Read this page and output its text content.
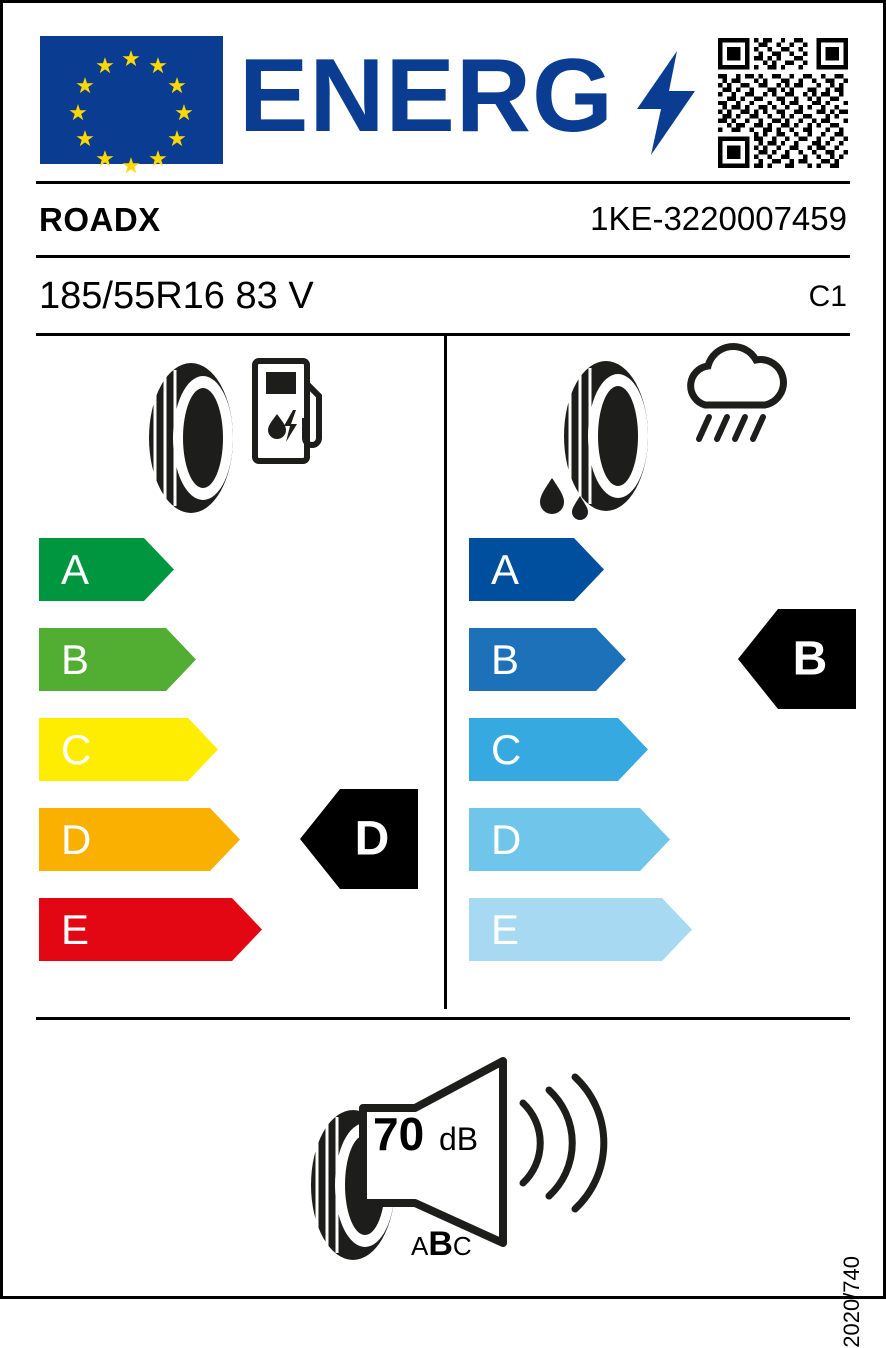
★ ★
★
★
★
★
★
★
★
★
★
★ ENERG
ROADX	1KE-3220007459
185/55R16 83 V	C1
A
B
C
D
E
D
A
B
C
D
E
B
70 dB
ABC
2020/740
